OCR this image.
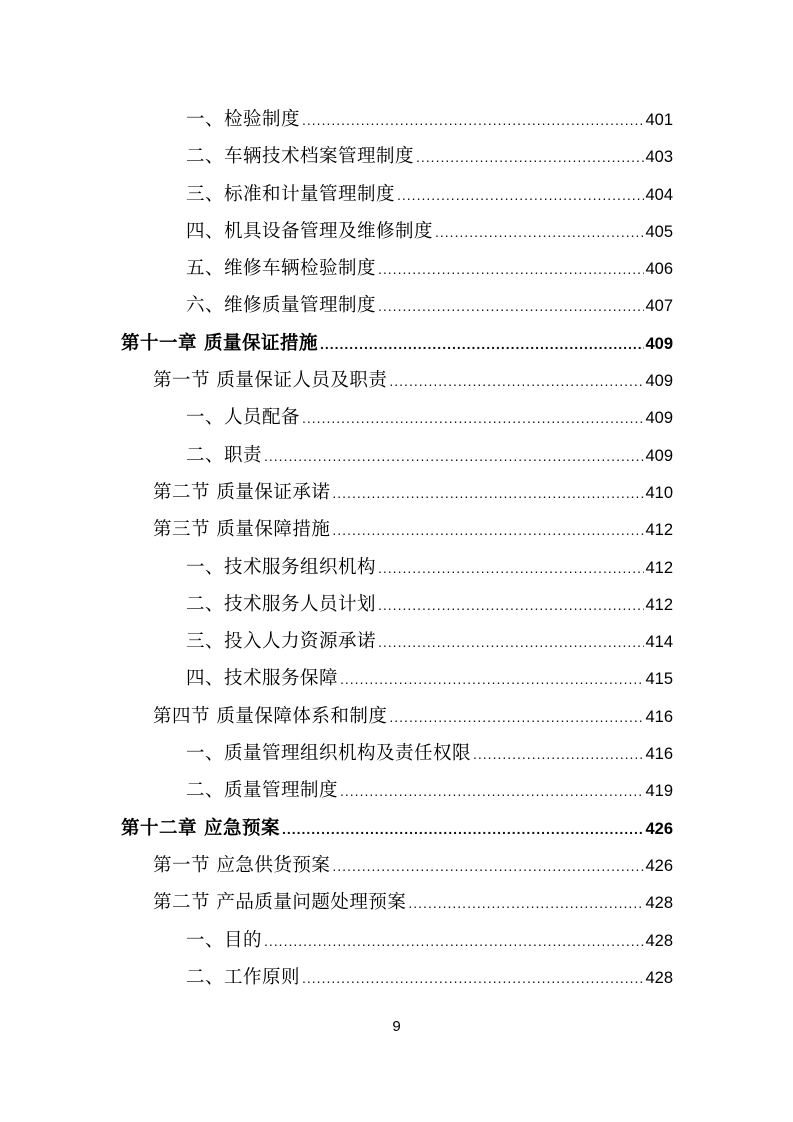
一、检验制度 .....	401
二、车辆技术档案管理制度 .....	403
三、标准和计量管理制度 .....	404
四、机具设备管理及维修制度 .....	405
五、维修车辆检验制度 .....	406
六、维修质量管理制度 .....	407
第十一章 质量保证措施 .....	409
第一节 质量保证人员及职责 .....	409
一、人员配备 .....	409
二、职责 .....	409
第二节 质量保证承诺 .....	410
第三节 质量保障措施 .....	412
一、技术服务组织机构 .....	412
二、技术服务人员计划 .....	412
三、投入人力资源承诺 .....	414
四、技术服务保障 .....	415
第四节 质量保障体系和制度 .....	416
一、质量管理组织机构及责任权限 .....	416
二、质量管理制度 .....	419
第十二章 应急预案 .....	426
第一节 应急供货预案 .....	426
第二节 产品质量问题处理预案 .....	428
一、目的 .....	428
二、工作原则 .....	428
9
